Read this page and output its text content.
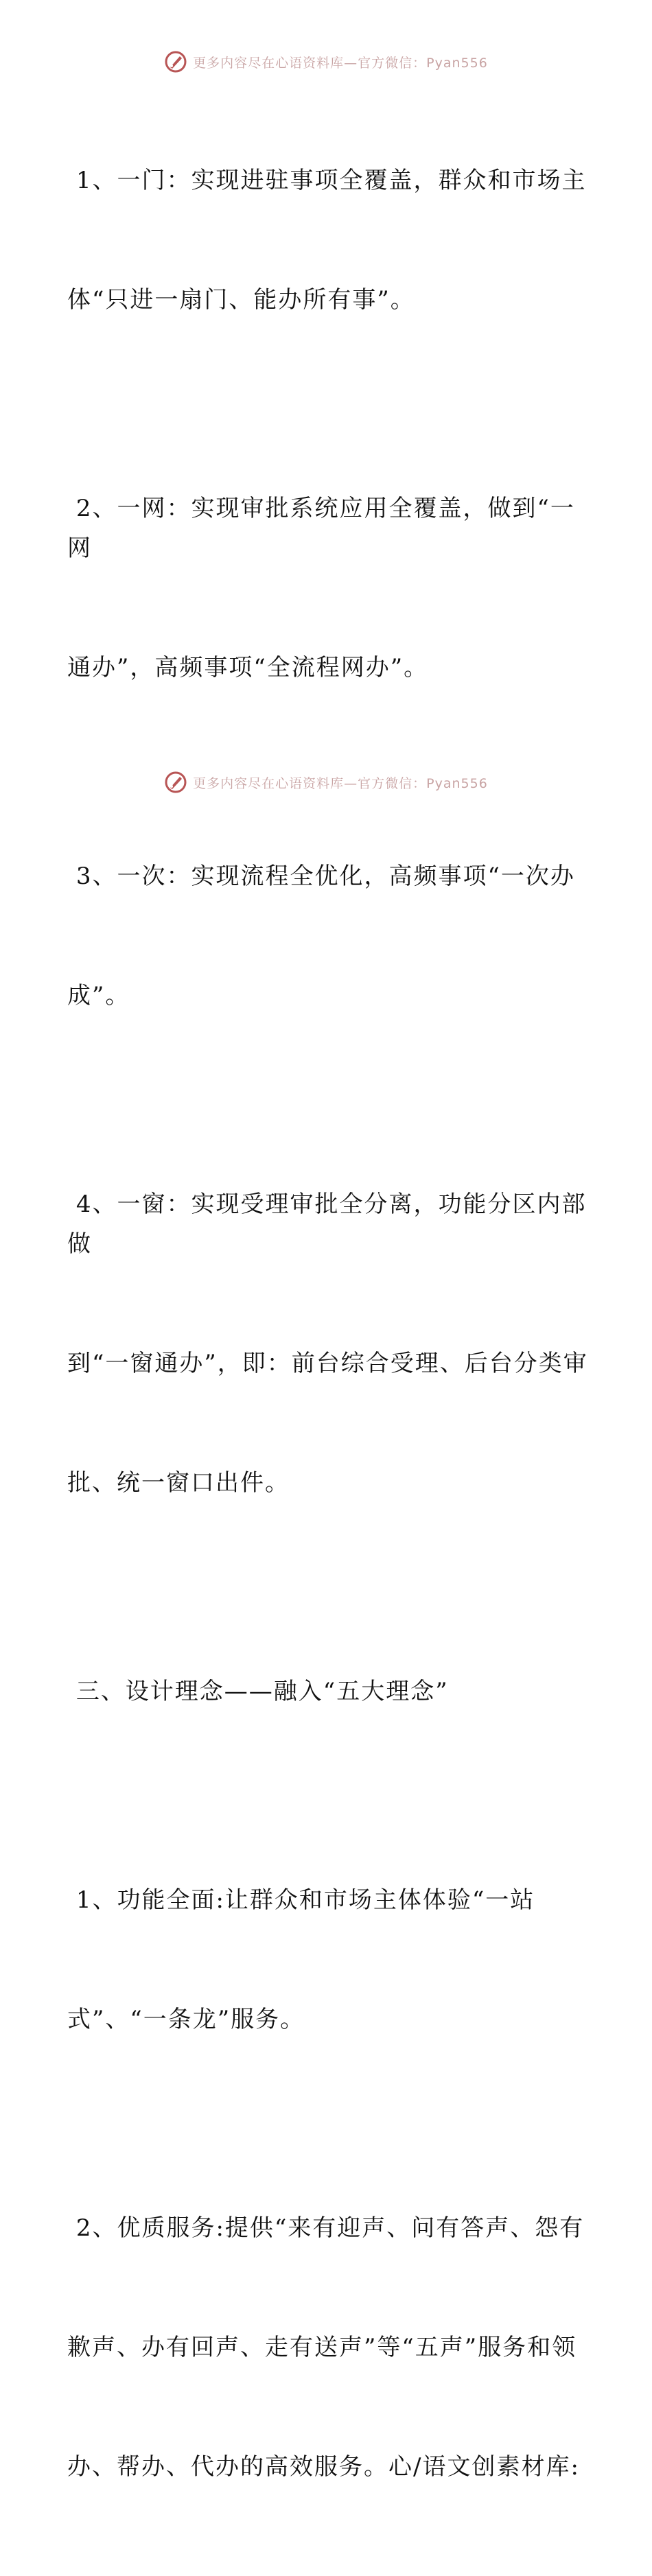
更多内容尽在心语资料库—官方微信：Pyan556

1、一门：实现进驻事项全覆盖，群众和市场主

体“只进一扇门、能办所有事”。

2、一网：实现审批系统应用全覆盖，做到“一网

通办”，高频事项“全流程网办”。

3、一次：实现流程全优化，高频事项“一次办

成”。

4、一窗：实现受理审批全分离，功能分区内部做

到“一窗通办”，即：前台综合受理、后台分类审

批、统一窗口出件。

三、设计理念——融入“五大理念”

1、功能全面:让群众和市场主体体验“一站

式”、“一条龙”服务。

2、优质服务:提供“来有迎声、问有答声、怨有

歉声、办有回声、走有送声”等“五声”服务和领

办、帮办、代办的高效服务。心/语文创素材库:

更多内容尽在心语资料库—官方微信：Pyan556
